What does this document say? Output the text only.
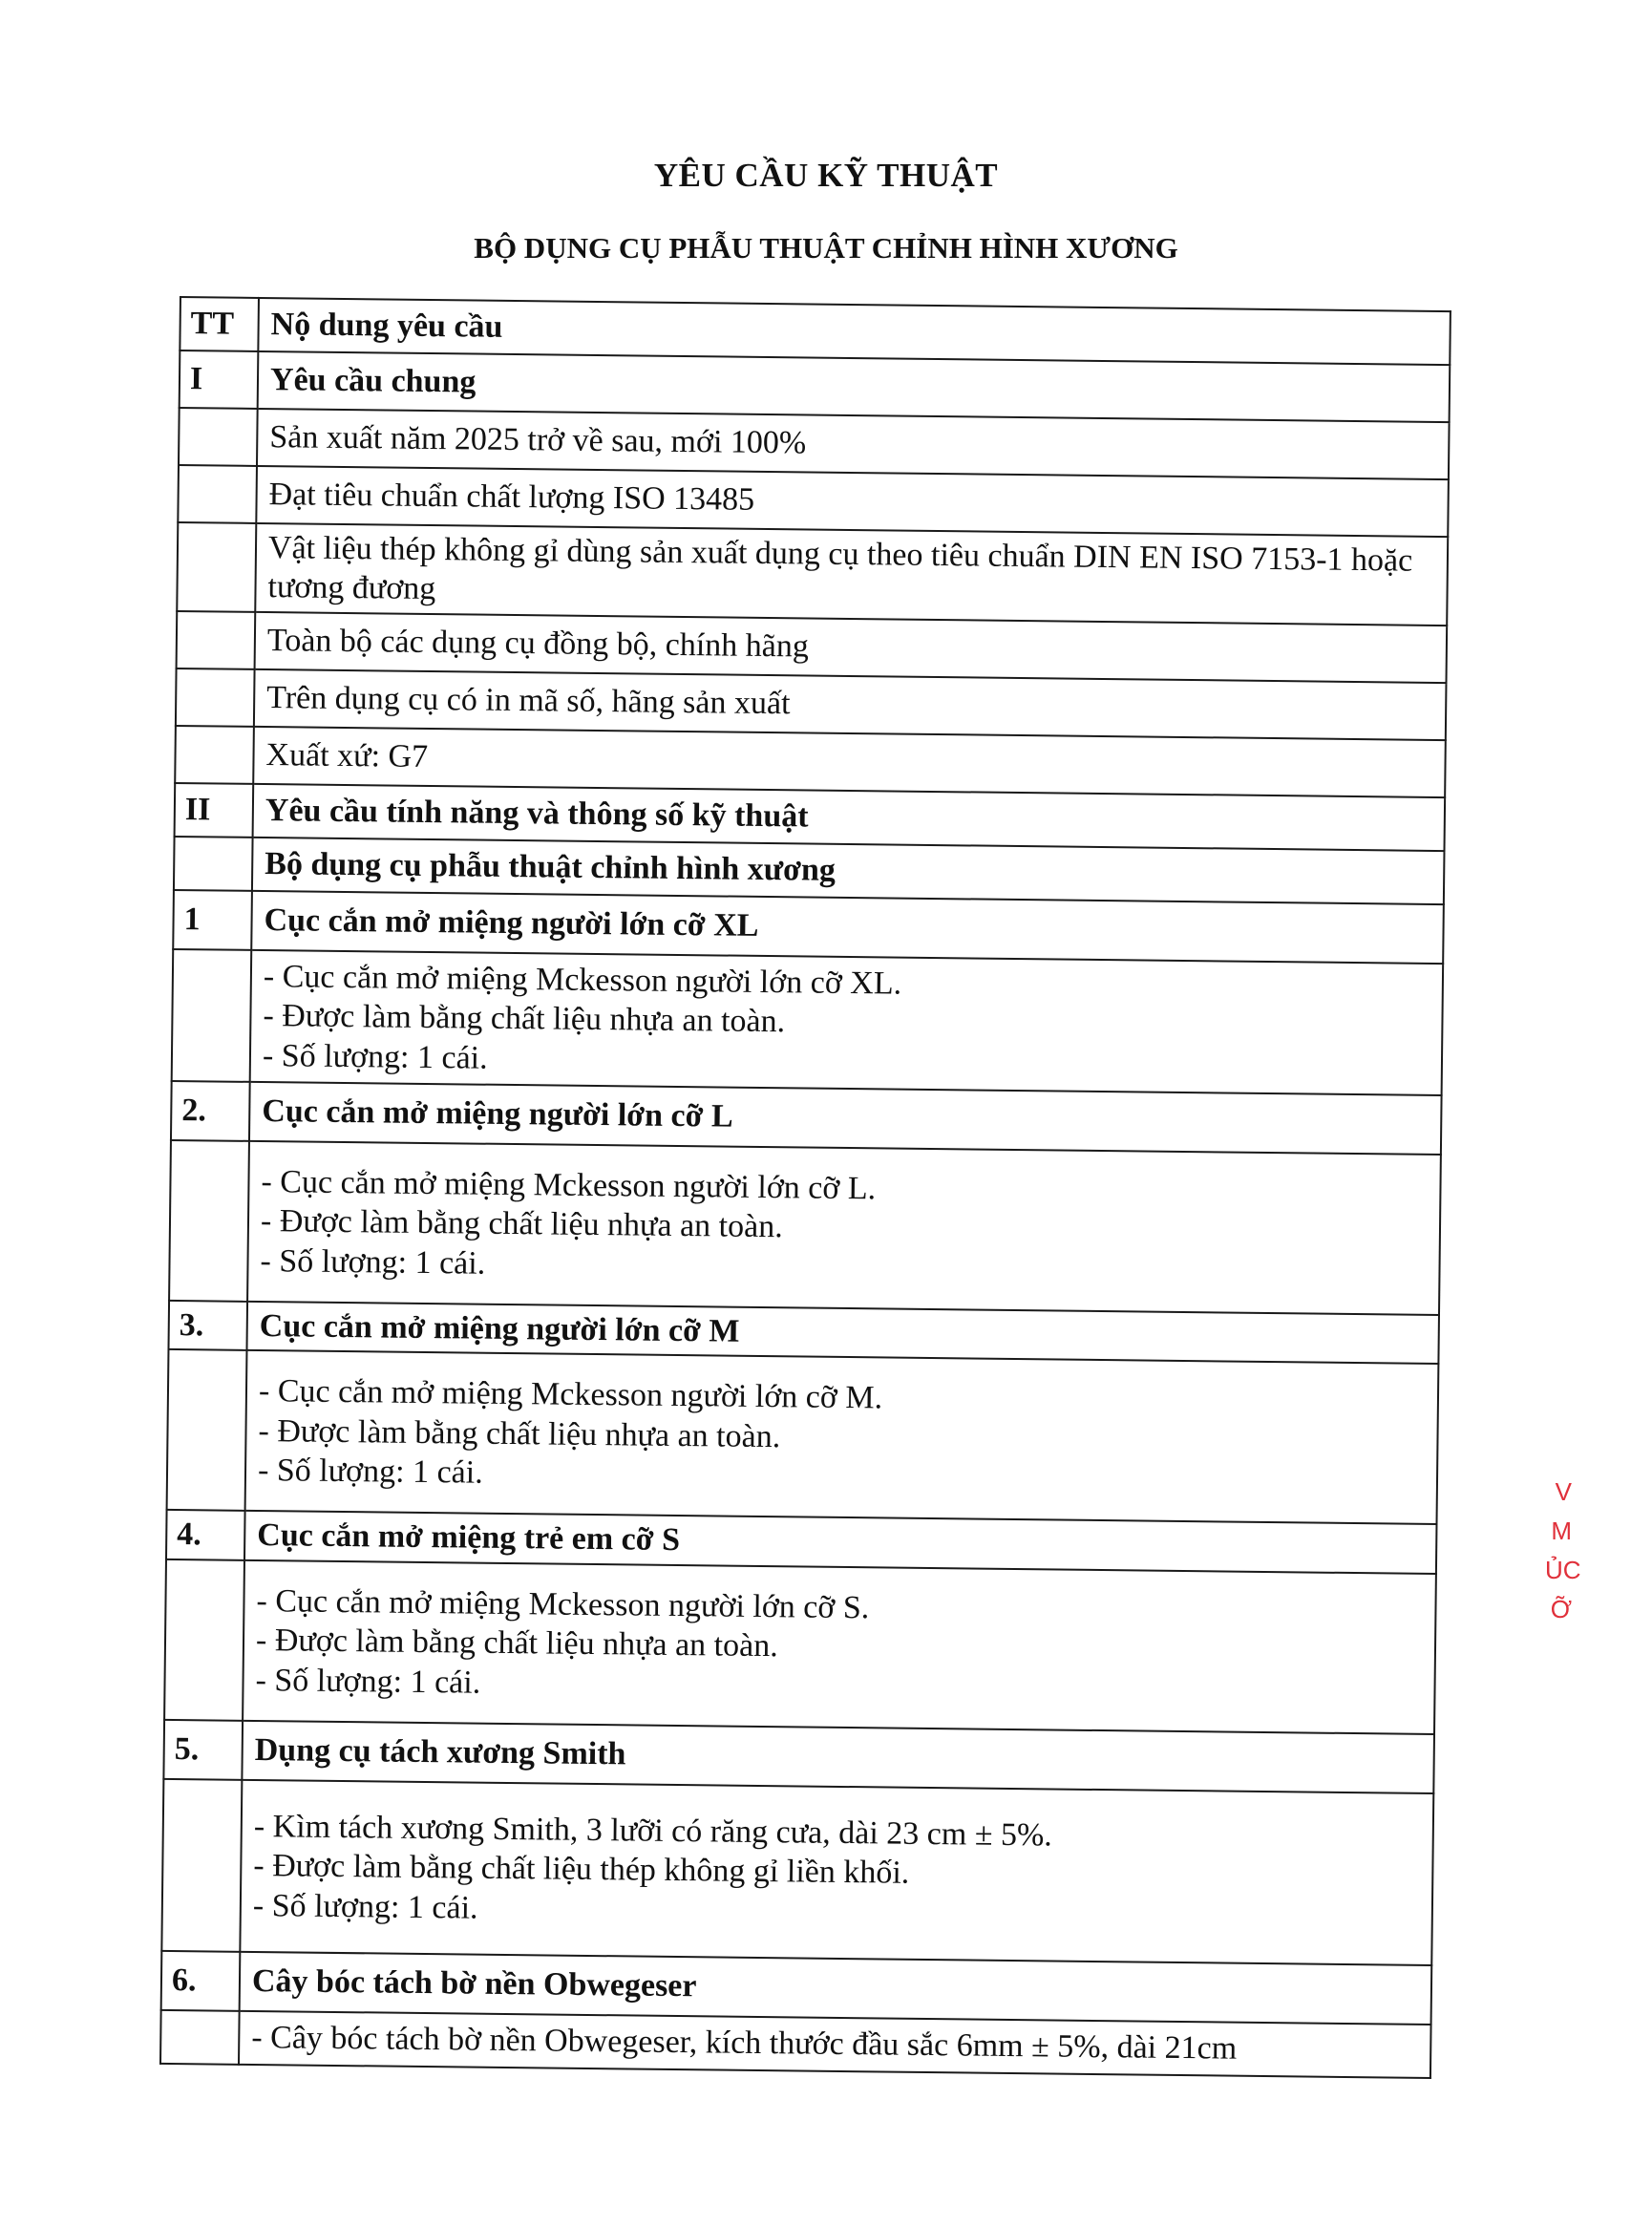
YÊU CẦU KỸ THUẬT
BỘ DỤNG CỤ PHẪU THUẬT CHỈNH HÌNH XƯƠNG
TT	Nộ dung yêu cầu
I	Yêu cầu chung
	Sản xuất năm 2025 trở về sau, mới 100%
	Đạt tiêu chuẩn chất lượng ISO 13485
	Vật liệu thép không gỉ dùng sản xuất dụng cụ theo tiêu chuẩn DIN EN ISO 7153-1 hoặc tương đương
	Toàn bộ các dụng cụ đồng bộ, chính hãng
	Trên dụng cụ có in mã số, hãng sản xuất
	Xuất xứ: G7
II	Yêu cầu tính năng và thông số kỹ thuật
	Bộ dụng cụ phẫu thuật chỉnh hình xương
1	Cục cắn mở miệng người lớn cỡ XL

	- Cục cắn mở miệng Mckesson người lớn cỡ XL.
- Được làm bằng chất liệu nhựa an toàn.
- Số lượng: 1 cái.

2.	Cục cắn mở miệng người lớn cỡ L

	- Cục cắn mở miệng Mckesson người lớn cỡ L.
- Được làm bằng chất liệu nhựa an toàn.
- Số lượng: 1 cái.

3.	Cục cắn mở miệng người lớn cỡ M

	- Cục cắn mở miệng Mckesson người lớn cỡ M.
- Được làm bằng chất liệu nhựa an toàn.
- Số lượng: 1 cái.

4.	Cục cắn mở miệng trẻ em cỡ S

	- Cục cắn mở miệng Mckesson người lớn cỡ S.
- Được làm bằng chất liệu nhựa an toàn.
- Số lượng: 1 cái.

5.	Dụng cụ tách xương Smith

	- Kìm tách xương Smith, 3 lưỡi có răng cưa, dài 23 cm ± 5%.
- Được làm bằng chất liệu thép không gỉ liền khối.
- Số lượng: 1 cái.

6.	Cây bóc tách bờ nền Obwegeser

	- Cây bóc tách bờ nền Obwegeser, kích thước đầu sắc 6mm ± 5%, dài 21cm
V
M
ỦC
Ỡ
